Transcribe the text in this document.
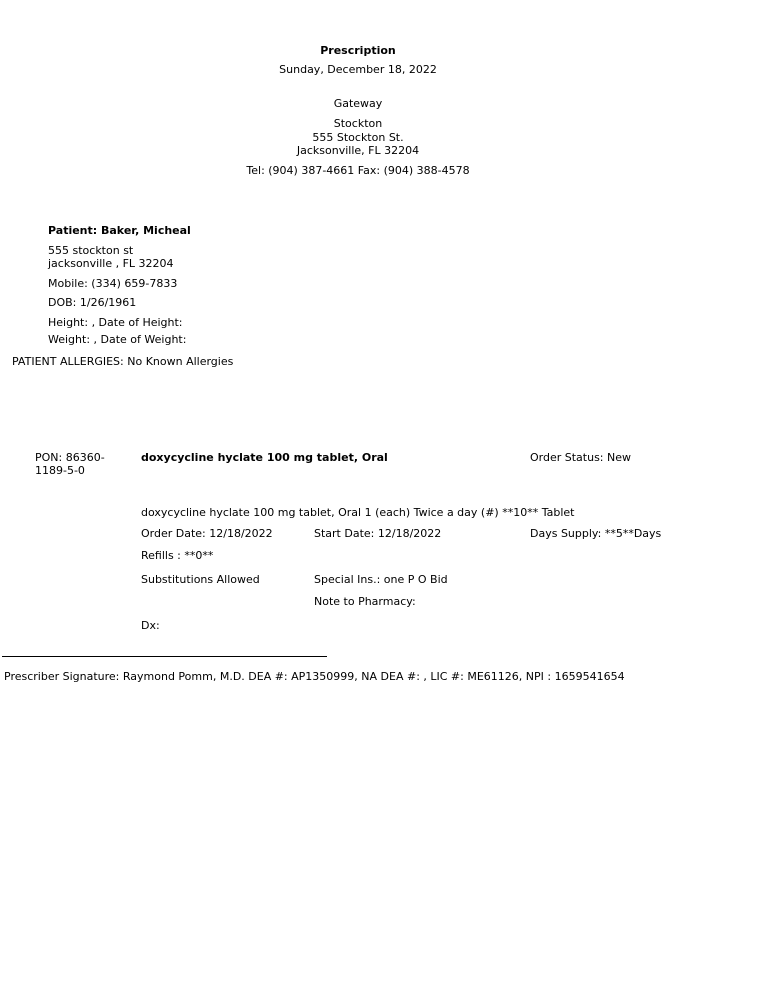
Prescription
Sunday, December 18, 2022
Gateway
Stockton
555 Stockton St.
Jacksonville, FL 32204
Tel: (904) 387-4661 Fax: (904) 388-4578
Patient: Baker, Micheal
555 stockton st
jacksonville , FL 32204
Mobile: (334) 659-7833
DOB: 1/26/1961
Height: , Date of Height:
Weight: , Date of Weight:
PATIENT ALLERGIES: No Known Allergies
PON: 86360-1189-5-0
doxycycline hyclate 100 mg tablet, Oral	Order Status: New
doxycycline hyclate 100 mg tablet, Oral 1 (each) Twice a day (#) **10** Tablet
Order Date: 12/18/2022	Start Date: 12/18/2022	Days Supply: **5**Days
Refills : **0**
Substitutions Allowed	Special Ins.: one P O Bid
Note to Pharmacy:
Dx:
Prescriber Signature: Raymond Pomm, M.D. DEA #: AP1350999, NA DEA #: , LIC #: ME61126, NPI : 1659541654
